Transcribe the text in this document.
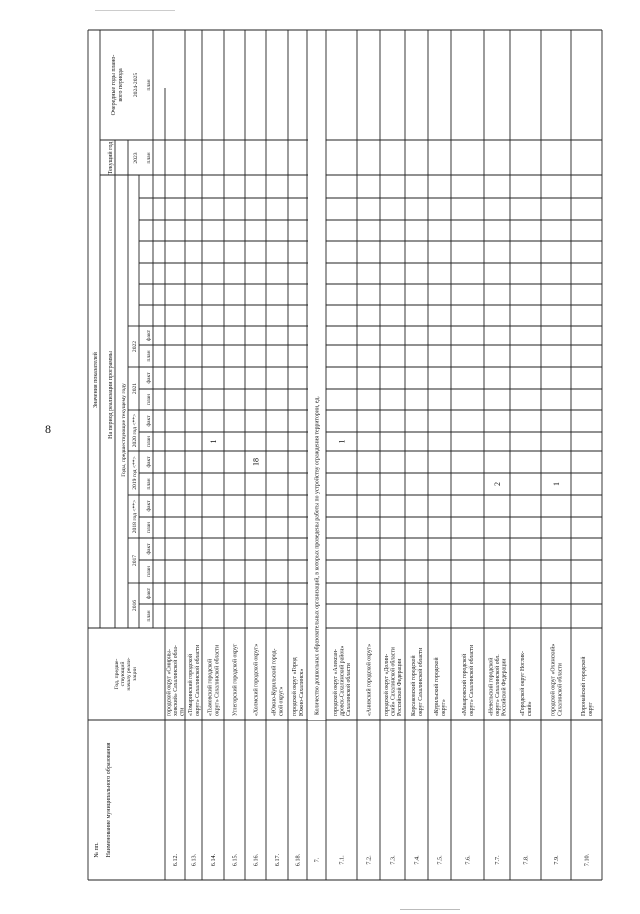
8
№ пп. Наименование муниципального образования
Год, предше- ствующий началу реали- зации
Значения показателей На период реализации программы Годы, предшествующие текущему году
Текущий год
Очередные годы плано- вого периода 2024-2025
2023
2016
2017
2018 год <**>
2019 год <**>
2020 год <**>
2021
2022
план
факт
план
факт
план
факт
план
факт
план
факт
план
факт
план
факт
план
план
6.12.
городской округ «Смирны- ховский» Сахалинской обла- сти
6.13.
«Томаринский городской округ» Сахалинской области
6.14.
«Тымовский городской округ» Сахалинской области
1
6.15.
Углегорский городской округ
6.16.
«Холмский городской округ»
18
6.17.
«Южно-Курильский город- ской округ»
6.18.
городской округ «Город Южно-Сахалинск»
7.
Количество дошкольных образовательных организаций, в которых проведены работы по устройству ограждения территории, ед.
7.1.
городской округ «Алексан- дровск-Сахалинский район» Сахалинской области
1
7.2.
«Анивский городской округ»
7.3.
городской округ «Долин- ский» Сахалинской области Российской Федерации
7.4.
Корсаковский городской округ Сахалинской области
7.5.
«Курильский городской округ»
7.6.
«Макаровский городской округ» Сахалинской области
7.7.
«Невельский городской округ» Сахалинской обл. Российской Федерации
2
7.8.
«Городской округ Ноглик- ский»
7.9.
городской округ «Охинский» Сахалинской области
1
7.10.
Поронайский городской округ
